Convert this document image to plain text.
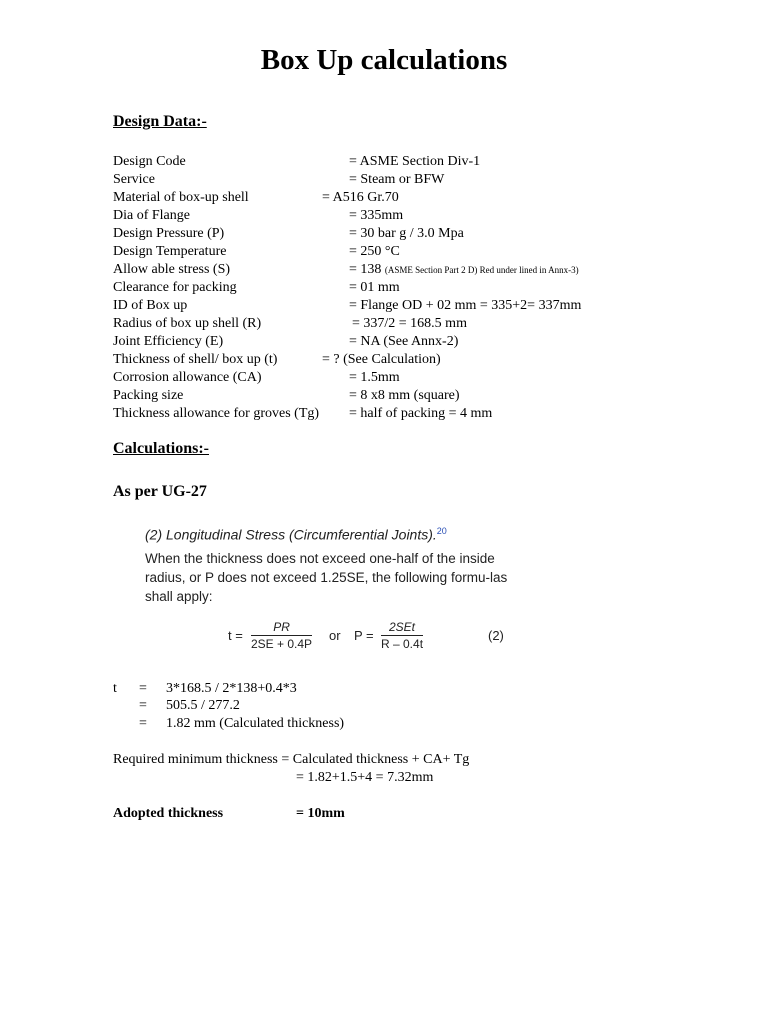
Box Up calculations
Design Data:-
Design Code	= ASME Section Div-1
Service	= Steam or BFW
Material of box-up shell	= A516 Gr.70
Dia of Flange	= 335mm
Design Pressure (P)	= 30 bar g / 3.0 Mpa
Design Temperature	= 250 °C
Allow able stress (S)	= 138 (ASME Section Part 2 D) Red under lined in Annx-3)
Clearance for packing	= 01 mm
ID of Box up	= Flange OD + 02 mm = 335+2= 337mm
Radius of box up shell (R)	= 337/2 = 168.5 mm
Joint Efficiency (E)	= NA (See Annx-2)
Thickness of shell/ box up (t)	= ? (See Calculation)
Corrosion allowance (CA)	= 1.5mm
Packing size	= 8 x8 mm (square)
Thickness allowance for groves (Tg) = half of packing = 4 mm
Calculations:-
As per UG-27
(2) Longitudinal Stress (Circumferential Joints).$^{20}$
When the thickness does not exceed one-half of the inside radius, or P does not exceed 1.25SE, the following formu-las shall apply:
$t = \frac{PR}{2SE + 0.4P}$ or P =
2SEt
R – 0.4t
(2)
t = 3*168.5 / 2*138+0.4*3
= 505.5 / 277.2
= 1.82 mm (Calculated thickness)
Required minimum thickness = Calculated thickness + CA+ Tg
= 1.82+1.5+4 = 7.32mm
Adopted thickness	= 10mm
